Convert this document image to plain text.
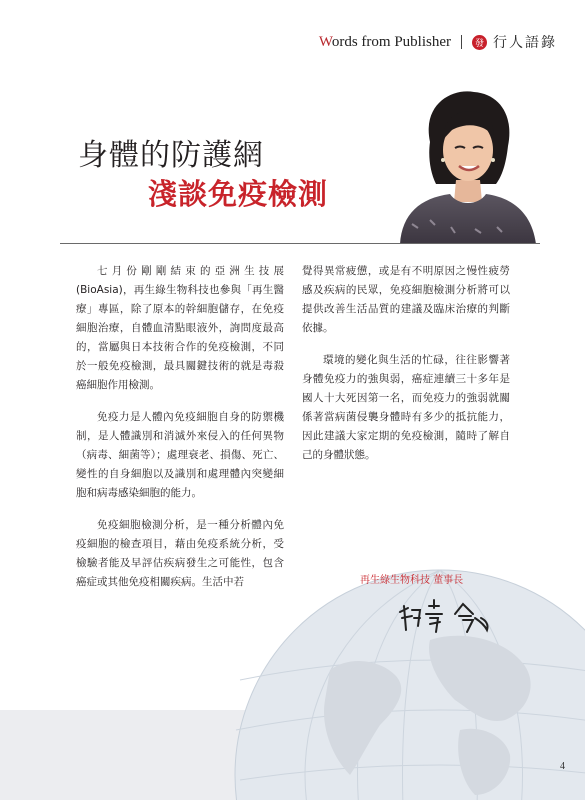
Words from Publisher	發 行人語錄
身體的防護網
淺談免疫檢測

七月份剛剛結束的亞洲生技展(BioAsia)，再生綠生物科技也參與「再生醫療」專區，除了原本的幹細胞儲存，在免疫細胞治療，自體血清點眼液外，詢問度最高的，當屬與日本技術合作的免疫檢測，不同於一般免疫檢測，最具關鍵技術的就是毒殺癌細胞作用檢測。

免疫力是人體內免疫細胞自身的防禦機制，是人體識別和消滅外來侵入的任何異物（病毒、細菌等）；處理衰老、損傷、死亡、變性的自身細胞以及識別和處理體內突變細胞和病毒感染細胞的能力。

免疫細胞檢測分析，是一種分析體內免疫細胞的檢查項目，藉由免疫系統分析，受檢驗者能及早評估疾病發生之可能性，包含癌症或其他免疫相關疾病。生活中若

覺得異常疲憊，或是有不明原因之慢性疲勞感及疾病的民眾，免疫細胞檢測分析將可以提供改善生活品質的建議及臨床治療的判斷依據。

環境的變化與生活的忙碌，往往影響著身體免疫力的強與弱，癌症連續三十多年是國人十大死因第一名，而免疫力的強弱就關係著當病菌侵襲身體時有多少的抵抗能力，因此建議大家定期的免疫檢測，隨時了解自己的身體狀態。

再生綠生物科技 董事長
4
